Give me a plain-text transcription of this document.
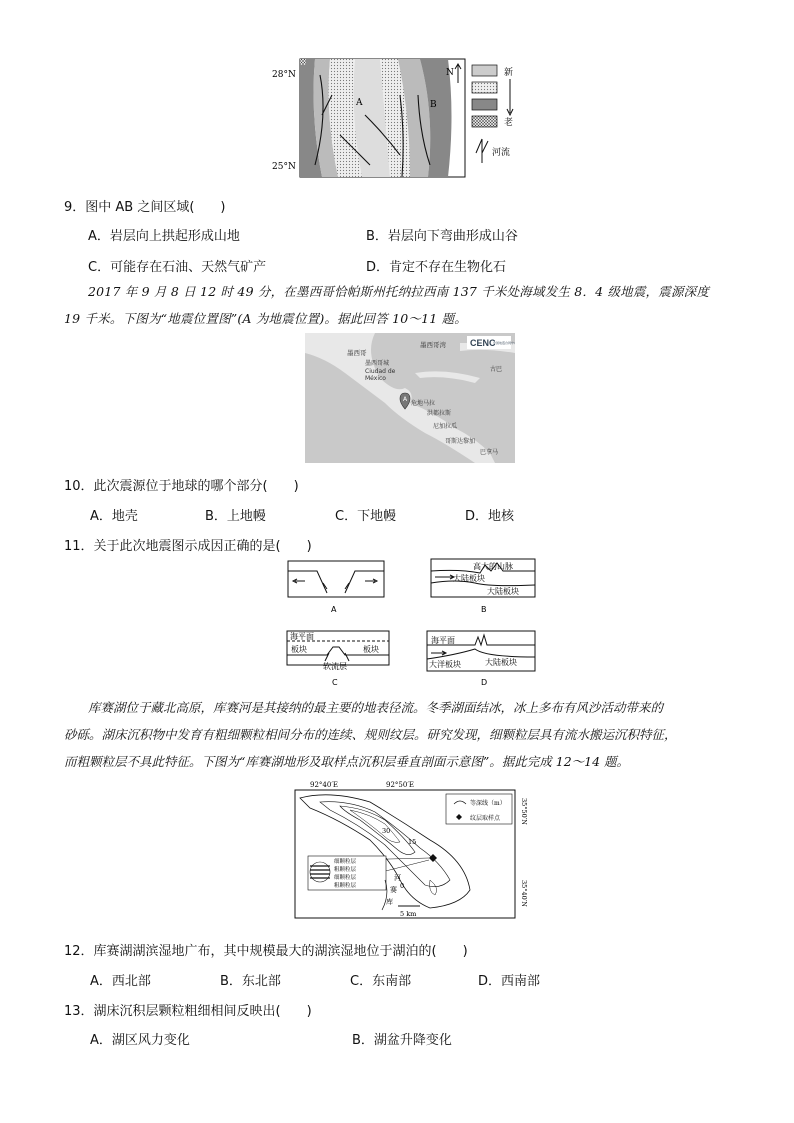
28°N
25°N
A	B
N	新
老
河流
9．图中 AB 之间区域(　　)
A．岩层向上拱起形成山地	B．岩层向下弯曲形成山谷
C．可能存在石油、天然气矿产	D．肯定不存在生物化石
2017 年 9 月 8 日 12 时 49 分，在墨西哥恰帕斯州托纳拉西南 137 千米处海域发生 8．4 级地震，震源深度
19 千米。下图为“地震位置图”(A 为地震位置)。据此回答 10～11 题。
CENC
中国地震台网中心
墨西哥
墨西哥湾
墨西哥城
Ciudad de
México
古巴
危地马拉
洪都拉斯
尼加拉瓜
哥斯达黎加
巴拿马
A
10．此次震源位于地球的哪个部分(　　)
A．地壳	B．上地幔	C．下地幔	D．地核
11．关于此次地震图示成因正确的是(　　)
A
高大的山脉
大陆板块
大陆板块
B
海平面
板块	板块
软流层
C
海平面
大洋板块	大陆板块
D
库赛湖位于藏北高原，库赛河是其接纳的最主要的地表径流。冬季湖面结冰，冰上多布有风沙活动带来的
砂砾。湖床沉积物中发育有粗细颗粒相间分布的连续、规则纹层。研究发现，细颗粒层具有流水搬运沉积特征，
而粗颗粒层不具此特征。下图为“库赛湖地形及取样点沉积层垂直剖面示意图”。据此完成 12～14 题。
92°40′E	92°50′E
35°50′N
35°40′N
30
15
0
细颗粒层
粗颗粒层
细颗粒层
粗颗粒层
河
赛
库
5 km
等深线（m）
纹层取样点
12．库赛湖湖滨湿地广布，其中规模最大的湖滨湿地位于湖泊的(　　)
A．西北部	B．东北部	C．东南部	D．西南部
13．湖床沉积层颗粒粗细相间反映出(　　)
A．湖区风力变化	B．湖盆升降变化
